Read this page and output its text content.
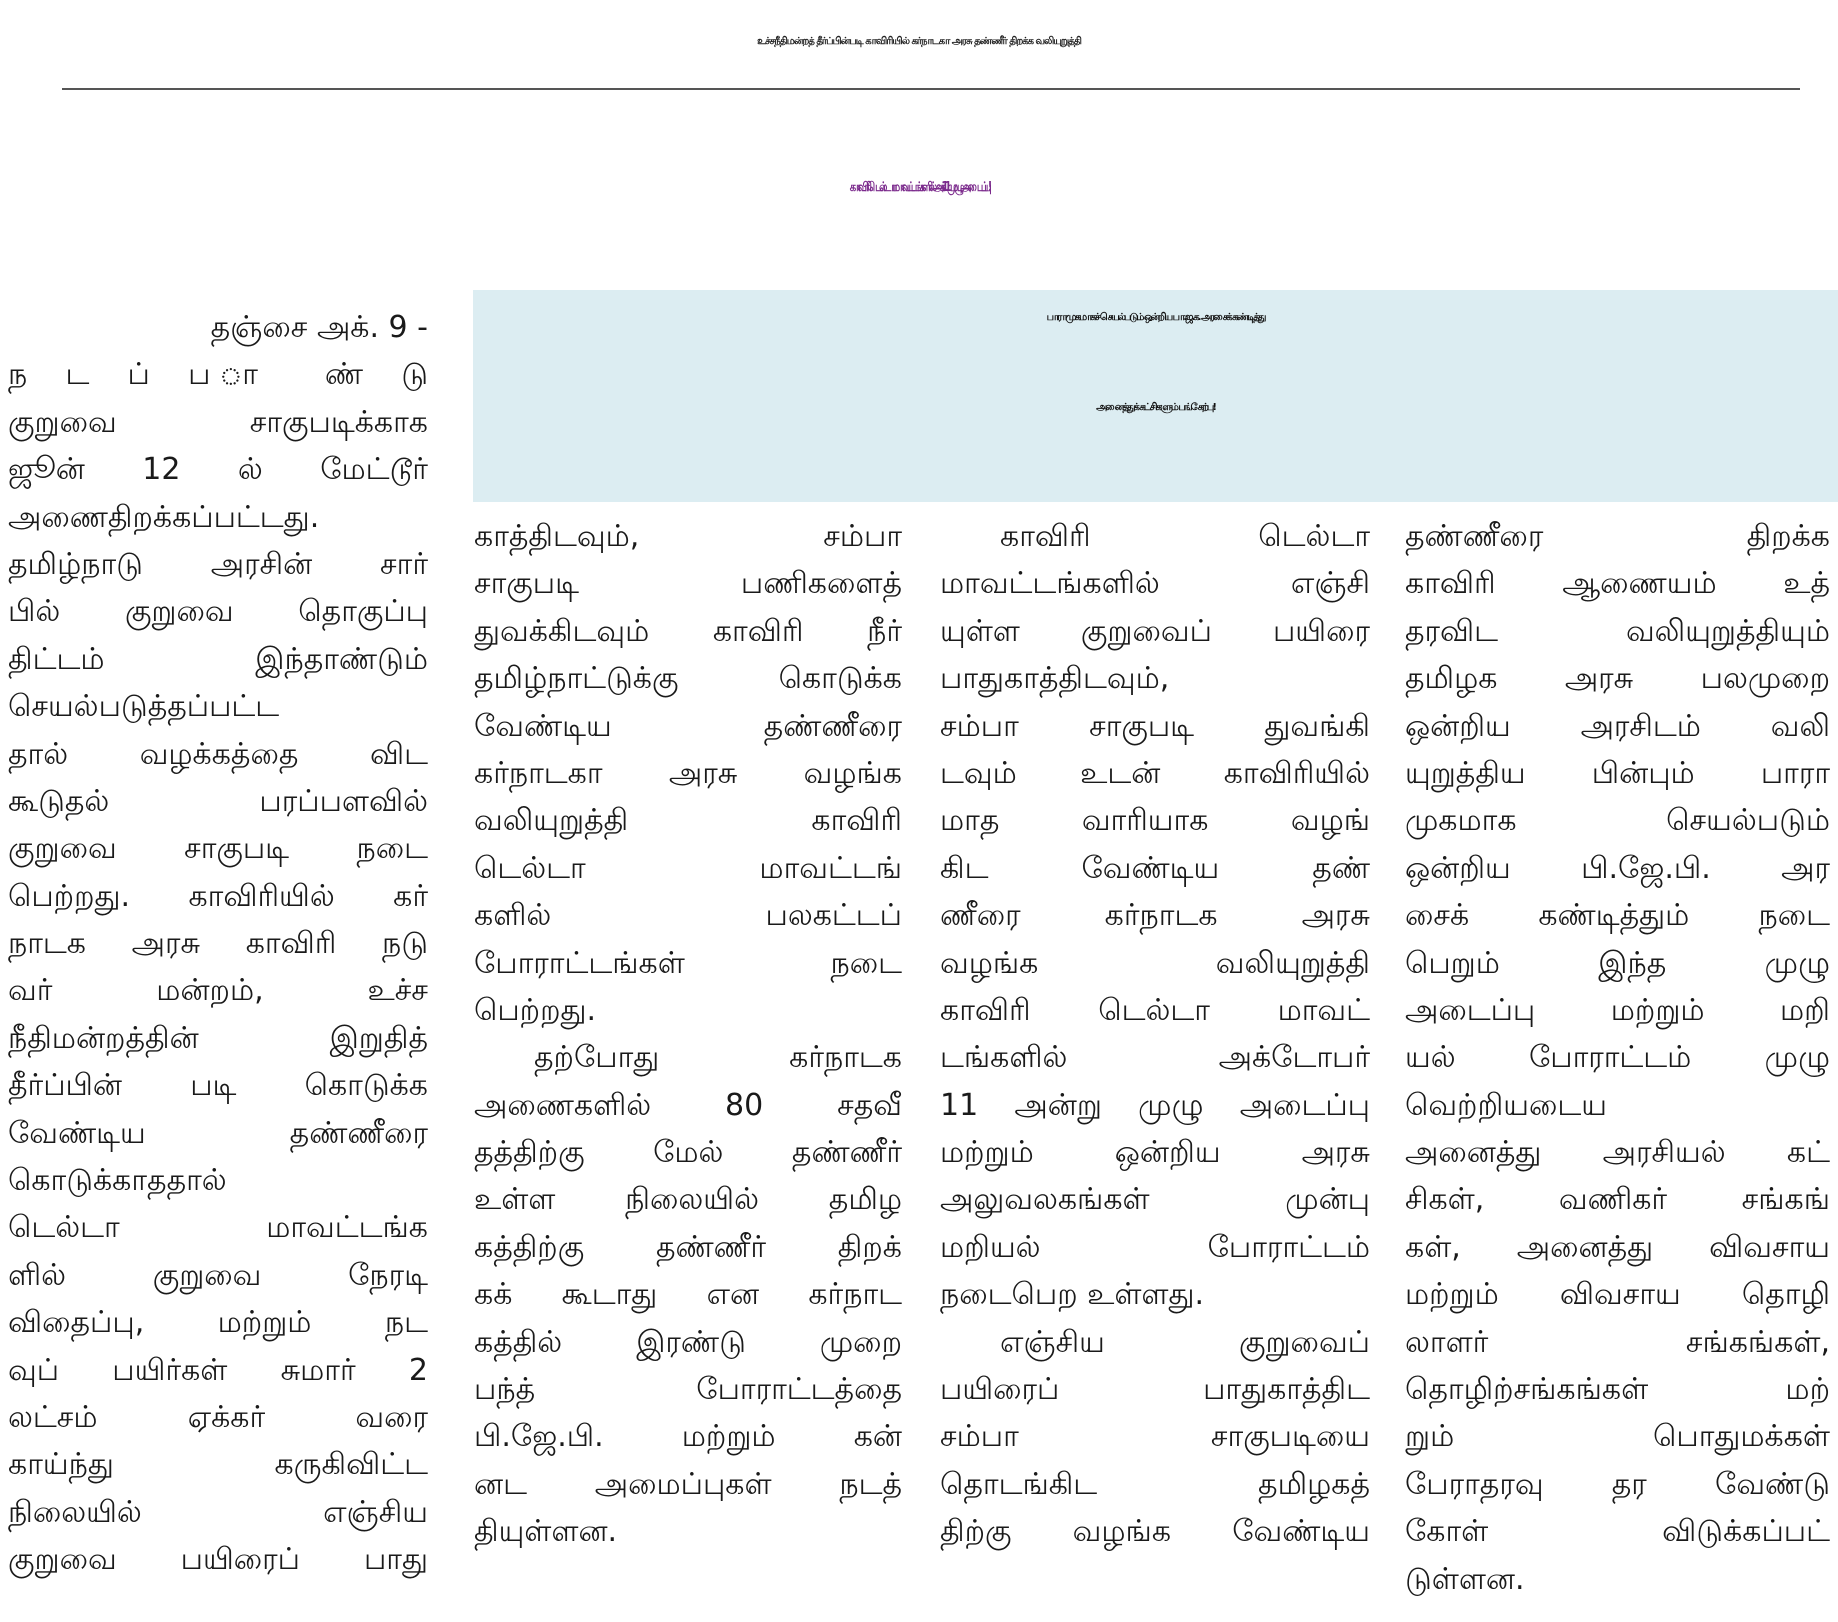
உச்சநீதிமன்றத் தீர்ப்பின்படி காவிரியில் கர்நாடகா அரசு தண்ணீர் திறக்க வலியுறுத்தி
காவிரி டெல்டா மாவட்டங்களில் அக். 11 முழு அடைப்பு!
பாராமுகமாகச் செயல்படும் ஒன்றிய பா.ஜ.க. அரசைக் கண்டித்து
அனைத்துக் கட்சிகளும் பங்கேற்பு!
தஞ்சை அக். 9 -
ந ட ப் ப ா ண் டு
குறுவை சாகுபடிக்காக
ஜூன் 12 ல் மேட்டூர்
அணைதிறக்கப்பட்டது.
தமிழ்நாடு அரசின் சார்
பில் குறுவை தொகுப்பு
திட்டம் இந்தாண்டும்
செயல்படுத்தப்பட்ட
தால் வழக்கத்தை விட
கூடுதல் பரப்பளவில்
குறுவை சாகுபடி நடை
பெற்றது. காவிரியில் கர்
நாடக அரசு காவிரி நடு
வர் மன்றம், உச்ச
நீதிமன்றத்தின் இறுதித்
தீர்ப்பின் படி கொடுக்க
வேண்டிய தண்ணீரை
கொடுக்காததால்
டெல்டா மாவட்டங்க
ளில் குறுவை நேரடி
விதைப்பு, மற்றும் நட
வுப் பயிர்கள் சுமார் 2
லட்சம் ஏக்கர் வரை
காய்ந்து கருகிவிட்ட
நிலையில் எஞ்சிய
குறுவை பயிரைப் பாது
காத்திடவும், சம்பா
சாகுபடி பணிகளைத்
துவக்கிடவும் காவிரி நீர்
தமிழ்நாட்டுக்கு கொடுக்க
வேண்டிய தண்ணீரை
கர்நாடகா அரசு வழங்க
வலியுறுத்தி காவிரி
டெல்டா மாவட்டங்
களில் பலகட்டப்
போராட்டங்கள் நடை
பெற்றது.
தற்போது கர்நாடக
அணைகளில் 80 சதவீ
தத்திற்கு மேல் தண்ணீர்
உள்ள நிலையில் தமிழ
கத்திற்கு தண்ணீர் திறக்
கக் கூடாது என கர்நாட
கத்தில் இரண்டு முறை
பந்த் போராட்டத்தை
பி.ஜே.பி. மற்றும் கன்
னட அமைப்புகள் நடத்
தியுள்ளன.
காவிரி டெல்டா
மாவட்டங்களில் எஞ்சி
யுள்ள குறுவைப் பயிரை
பாதுகாத்திடவும்,
சம்பா சாகுபடி துவங்கி
டவும் உடன் காவிரியில்
மாத வாரியாக வழங்
கிட வேண்டிய தண்
ணீரை கர்நாடக அரசு
வழங்க வலியுறுத்தி
காவிரி டெல்டா மாவட்
டங்களில் அக்டோபர்
11 அன்று முழு அடைப்பு
மற்றும் ஒன்றிய அரசு
அலுவலகங்கள் முன்பு
மறியல் போராட்டம்
நடைபெற உள்ளது.
எஞ்சிய குறுவைப்
பயிரைப் பாதுகாத்திட
சம்பா சாகுபடியை
தொடங்கிட தமிழகத்
திற்கு வழங்க வேண்டிய
தண்ணீரை திறக்க
காவிரி ஆணையம் உத்
தரவிட வலியுறுத்தியும்
தமிழக அரசு பலமுறை
ஒன்றிய அரசிடம் வலி
யுறுத்திய பின்பும் பாரா
முகமாக செயல்படும்
ஒன்றிய பி.ஜே.பி. அர
சைக் கண்டித்தும் நடை
பெறும் இந்த முழு
அடைப்பு மற்றும் மறி
யல் போராட்டம் முழு
வெற்றியடைய
அனைத்து அரசியல் கட்
சிகள், வணிகர் சங்கங்
கள், அனைத்து விவசாய
மற்றும் விவசாய தொழி
லாளர் சங்கங்கள்,
தொழிற்சங்கங்கள் மற்
றும் பொதுமக்கள்
பேராதரவு தர வேண்டு
கோள் விடுக்கப்பட்
டுள்ளன.
